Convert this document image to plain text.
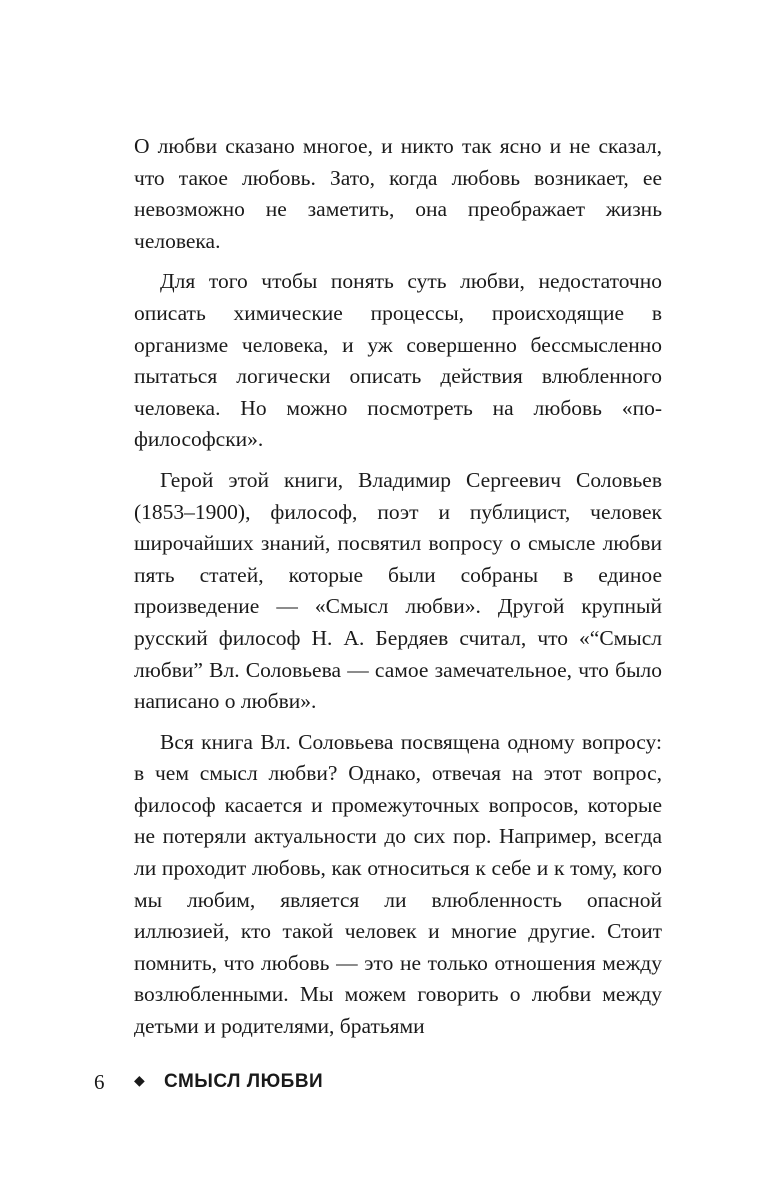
О любви сказано многое, и никто так ясно и не сказал, что такое любовь. Зато, когда любовь возникает, ее невозможно не заметить, она преображает жизнь человека.

Для того чтобы понять суть любви, недостаточно описать химические процессы, происходящие в организме человека, и уж совершенно бессмысленно пытаться логически описать действия влюбленного человека. Но можно посмотреть на любовь «по-философски».

Герой этой книги, Владимир Сергеевич Соловьев (1853–1900), философ, поэт и публицист, человек широчайших знаний, посвятил вопросу о смысле любви пять статей, которые были собраны в единое произведение — «Смысл любви». Другой крупный русский философ Н. А. Бердяев считал, что «“Смысл любви” Вл. Соловьева — самое замечательное, что было написано о любви».

Вся книга Вл. Соловьева посвящена одному вопросу: в чем смысл любви? Однако, отвечая на этот вопрос, философ касается и промежуточных вопросов, которые не потеряли актуальности до сих пор. Например, всегда ли проходит любовь, как относиться к себе и к тому, кого мы любим, является ли влюбленность опасной иллюзией, кто такой человек и многие другие. Стоит помнить, что любовь — это не только отношения между возлюбленными. Мы можем говорить о любви между детьми и родителями, братьями

6	◆	СМЫСЛ ЛЮБВИ
